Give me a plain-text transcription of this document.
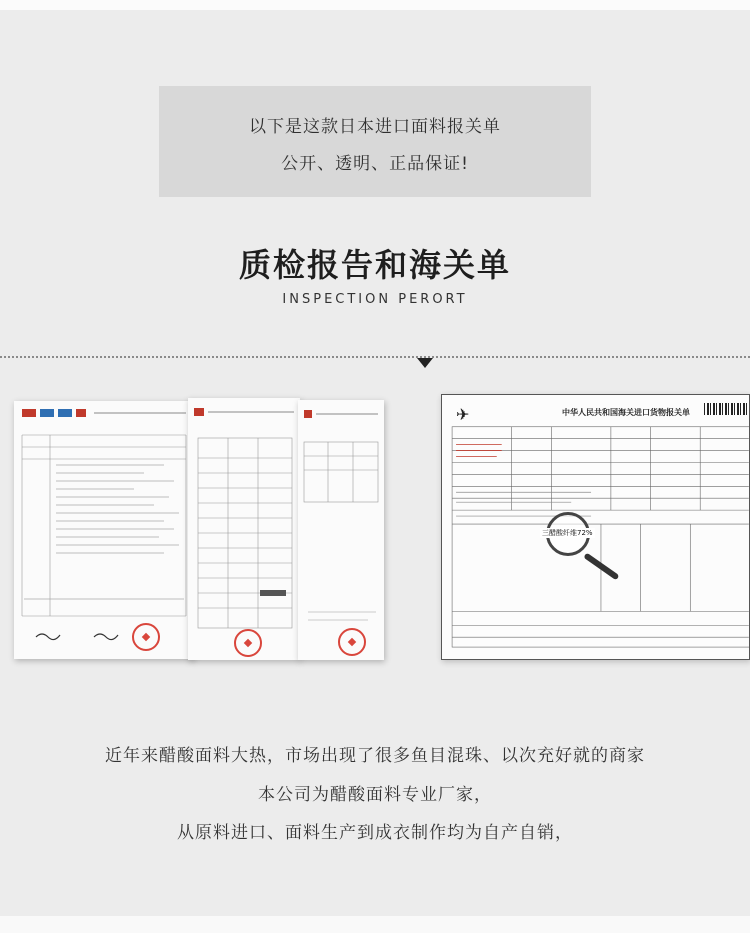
以下是这款日本进口面料报关单
公开、透明、正品保证!
质检报告和海关单
INSPECTION PERORT
✈	中华人民共和国海关进口货物报关单
三醋酸纤维72%
近年来醋酸面料大热，市场出现了很多鱼目混珠、以次充好就的商家
本公司为醋酸面料专业厂家，
从原料进口、面料生产到成衣制作均为自产自销，
